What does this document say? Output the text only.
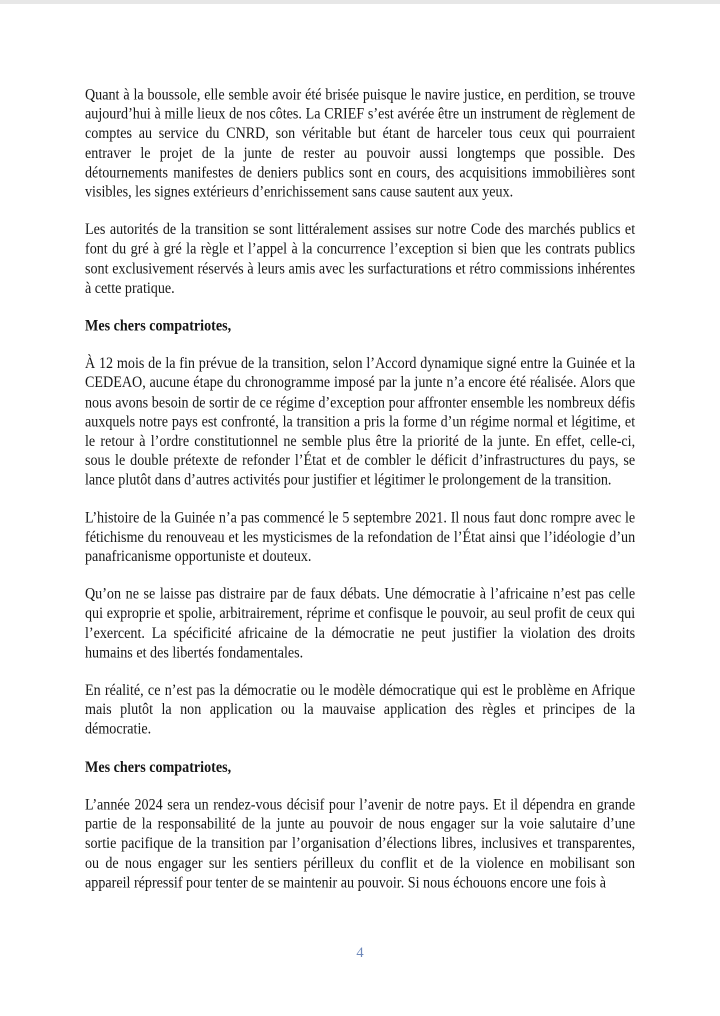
Quant à la boussole, elle semble avoir été brisée puisque le navire justice, en perdition, se trouve aujourd’hui à mille lieux de nos côtes. La CRIEF s’est avérée être un instrument de règlement de comptes au service du CNRD, son véritable but étant de harceler tous ceux qui pourraient entraver le projet de la junte de rester au pouvoir aussi longtemps que possible. Des détournements manifestes de deniers publics sont en cours, des acquisitions immobilières sont visibles, les signes extérieurs d’enrichissement sans cause sautent aux yeux.

Les autorités de la transition se sont littéralement assises sur notre Code des marchés publics et font du gré à gré la règle et l’appel à la concurrence l’exception si bien que les contrats publics sont exclusivement réservés à leurs amis avec les surfacturations et rétro commissions inhérentes à cette pratique.

Mes chers compatriotes,

À 12 mois de la fin prévue de la transition, selon l’Accord dynamique signé entre la Guinée et la CEDEAO, aucune étape du chronogramme imposé par la junte n’a encore été réalisée. Alors que nous avons besoin de sortir de ce régime d’exception pour affronter ensemble les nombreux défis auxquels notre pays est confronté, la transition a pris la forme d’un régime normal et légitime, et le retour à l’ordre constitutionnel ne semble plus être la priorité de la junte. En effet, celle-ci, sous le double prétexte de refonder l’État et de combler le déficit d’infrastructures du pays, se lance plutôt dans d’autres activités pour justifier et légitimer le prolongement de la transition.

L’histoire de la Guinée n’a pas commencé le 5 septembre 2021. Il nous faut donc rompre avec le fétichisme du renouveau et les mysticismes de la refondation de l’État ainsi que l’idéologie d’un panafricanisme opportuniste et douteux.

Qu’on ne se laisse pas distraire par de faux débats. Une démocratie à l’africaine n’est pas celle qui exproprie et spolie, arbitrairement, réprime et confisque le pouvoir, au seul profit de ceux qui l’exercent. La spécificité africaine de la démocratie ne peut justifier la violation des droits humains et des libertés fondamentales.

En réalité, ce n’est pas la démocratie ou le modèle démocratique qui est le problème en Afrique mais plutôt la non application ou la mauvaise application des règles et principes de la démocratie.

Mes chers compatriotes,

L’année 2024 sera un rendez-vous décisif pour l’avenir de notre pays. Et il dépendra en grande partie de la responsabilité de la junte au pouvoir de nous engager sur la voie salutaire d’une sortie pacifique de la transition par l’organisation d’élections libres, inclusives et transparentes, ou de nous engager sur les sentiers périlleux du conflit et de la violence en mobilisant son appareil répressif pour tenter de se maintenir au pouvoir. Si nous échouons encore une fois à

4
